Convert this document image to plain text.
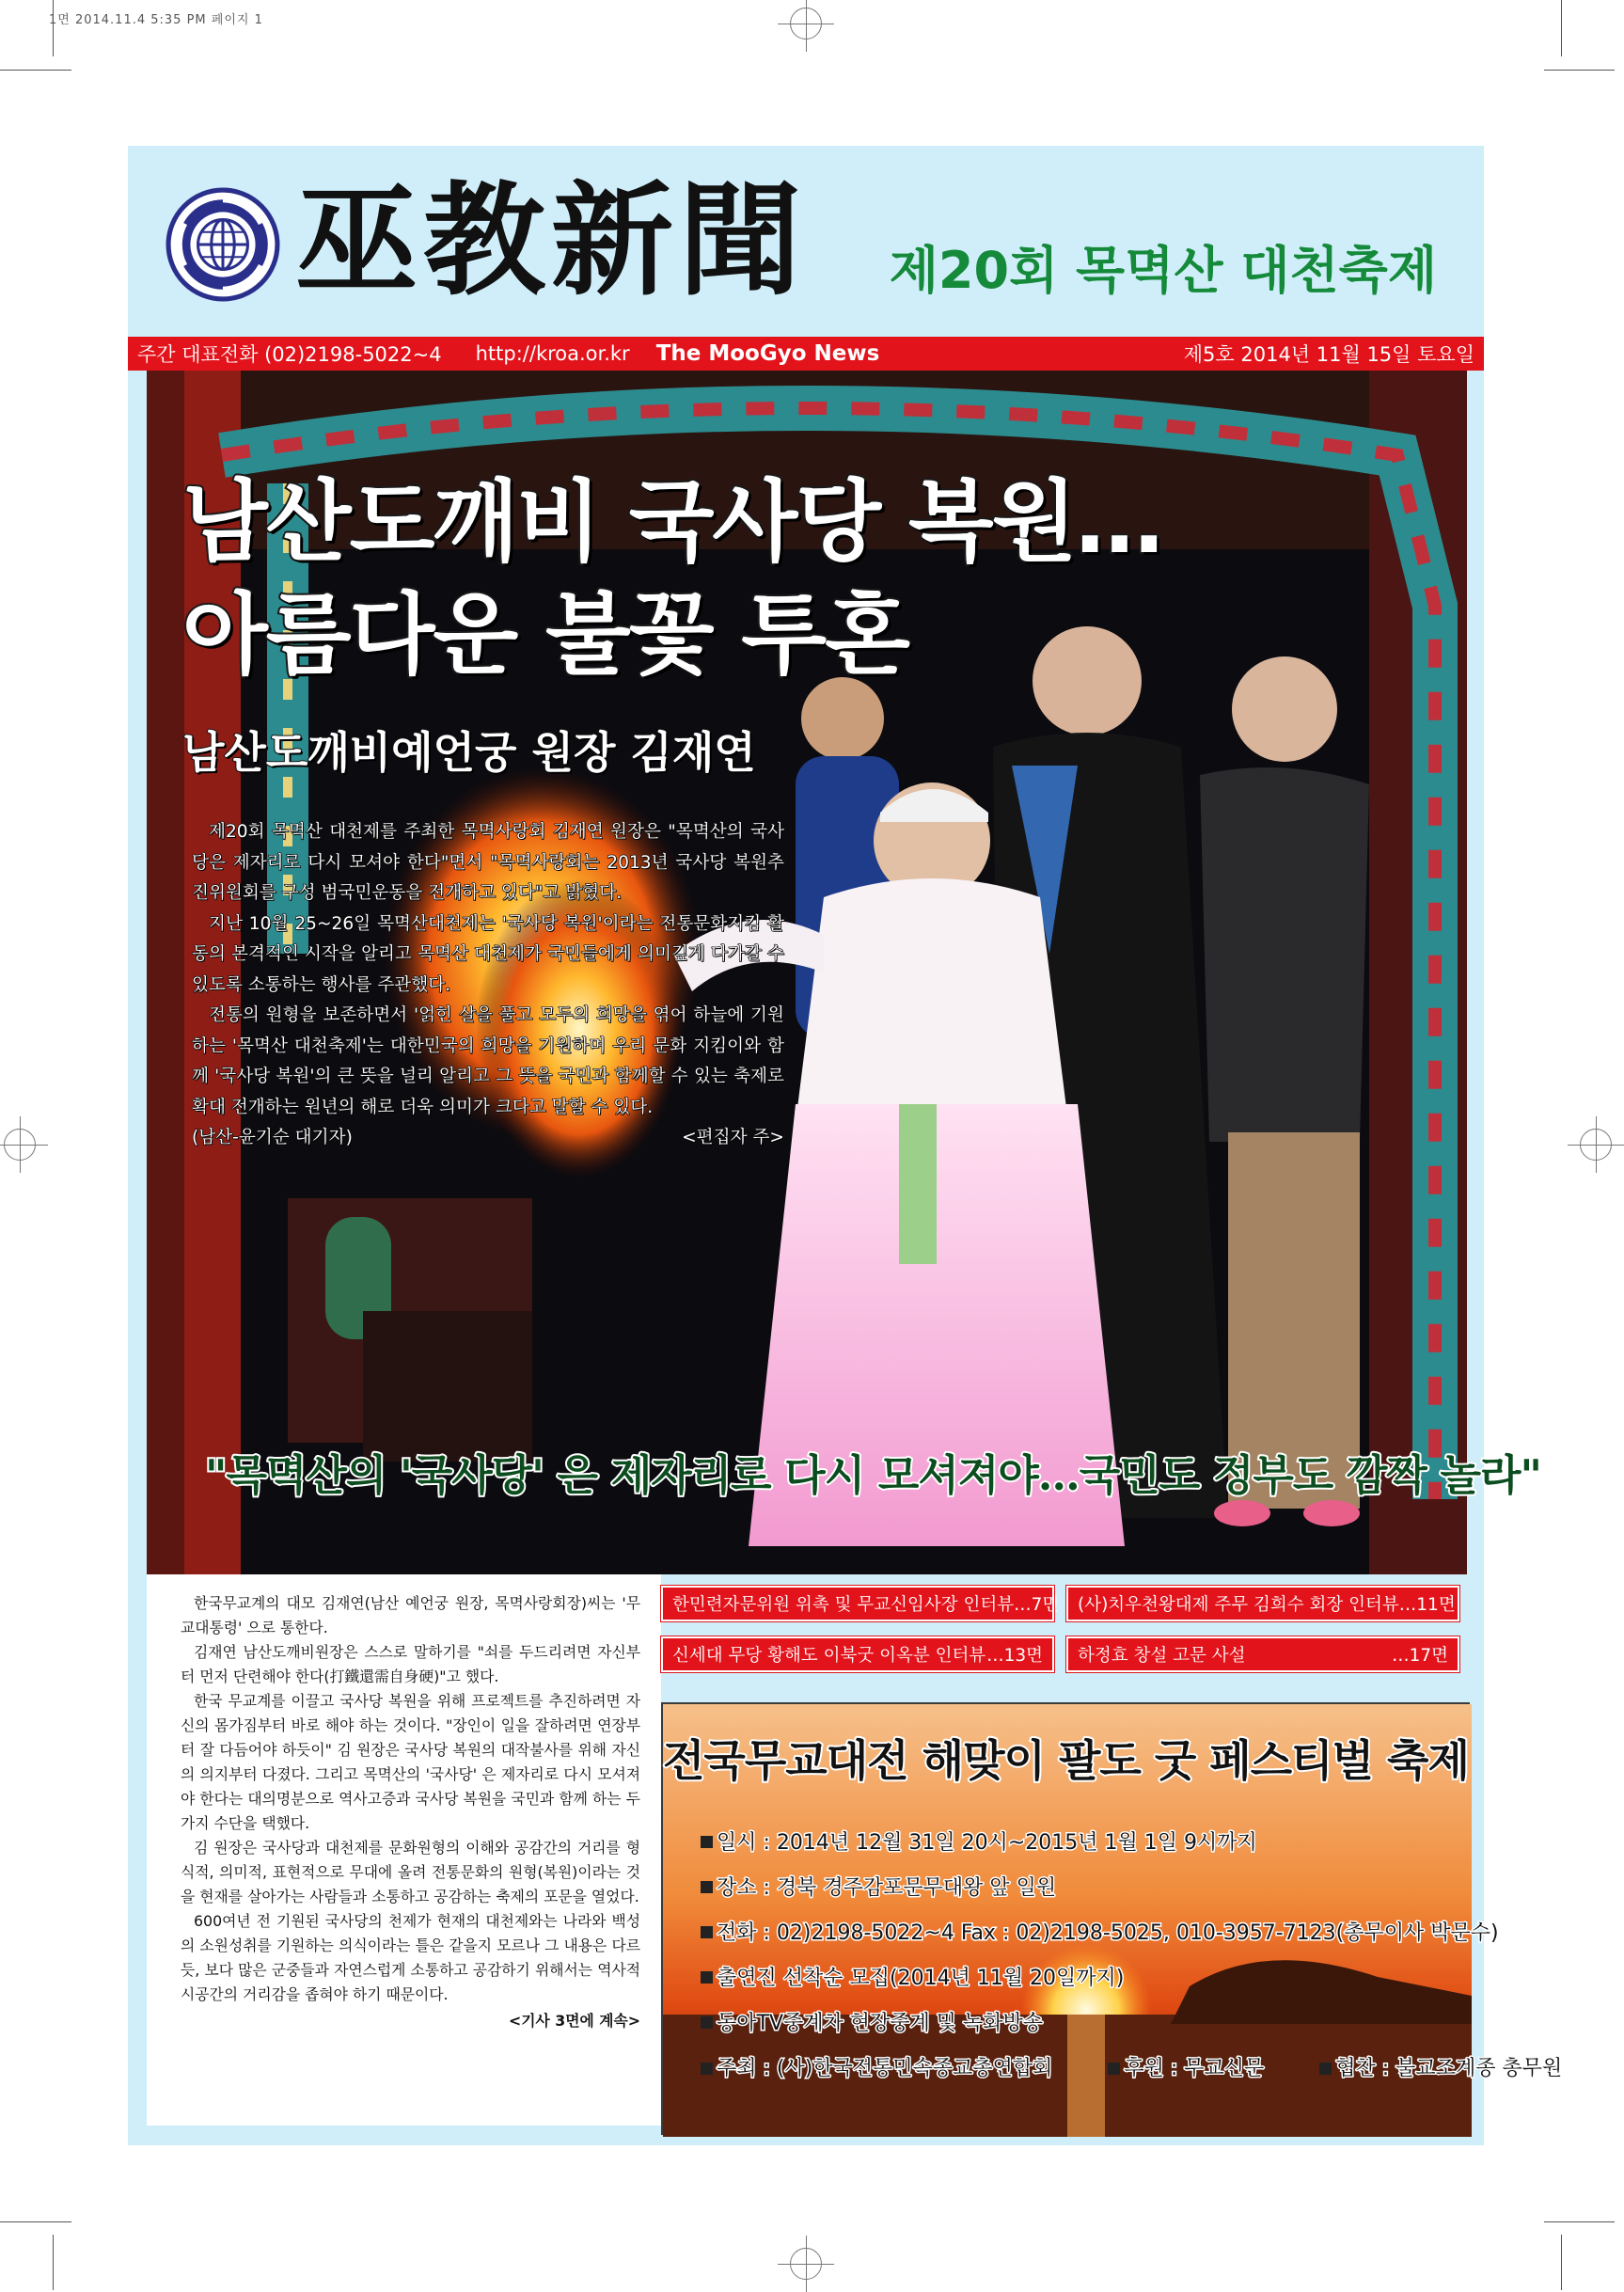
1면 2014.11.4 5:35 PM 페이지 1
巫教新聞 제20회 목멱산 대천축제
주간 대표전화 (02)2198-5022~4 http://kroa.or.kr The MooGyo News	제5호 2014년 11월 15일 토요일
남산도깨비 국사당 복원…
아름다운 불꽃 투혼
남산도깨비예언궁 원장 김재연

제20회 목멱산 대천제를 주최한 목멱사랑회 김재연 원장은 "목멱산의 국사당은 제자리로 다시 모셔야 한다"면서 "목멱사랑회는 2013년 국사당 복원추진위원회를 구성 범국민운동을 전개하고 있다"고 밝혔다.

지난 10월 25~26일 목멱산대천제는 '국사당 복원'이라는 전통문화지킴 활동의 본격적인 시작을 알리고 목멱산 대천제가 국민들에게 의미깊게 다가갈 수 있도록 소통하는 행사를 주관했다.

전통의 원형을 보존하면서 '얽힌 살을 풀고 모두의 희망을 엮어 하늘에 기원하는 '목멱산 대천축제'는 대한민국의 희망을 기원하며 우리 문화 지킴이와 함께 '국사당 복원'의 큰 뜻을 널리 알리고 그 뜻을 국민과 함께할 수 있는 축제로 확대 전개하는 원년의 해로 더욱 의미가 크다고 말할 수 있다.

(남산-윤기순 대기자)	<편집자 주>

"목멱산의 '국사당' 은 제자리로 다시 모셔져야…국민도 정부도 깜짝 놀라"

한국무교계의 대모 김재연(남산 예언궁 원장, 목멱사랑회장)씨는 '무교대통령' 으로 통한다.

김재연 남산도깨비원장은 스스로 말하기를 "쇠를 두드리려면 자신부터 먼저 단련해야 한다(打鐵還需自身硬)"고 했다.

한국 무교계를 이끌고 국사당 복원을 위해 프로젝트를 추진하려면 자신의 몸가짐부터 바로 해야 하는 것이다. "장인이 일을 잘하려면 연장부터 잘 다듬어야 하듯이" 김 원장은 국사당 복원의 대작불사를 위해 자신의 의지부터 다졌다. 그리고 목멱산의 '국사당' 은 제자리로 다시 모셔져야 한다는 대의명분으로 역사고증과 국사당 복원을 국민과 함께 하는 두 가지 수단을 택했다.

김 원장은 국사당과 대천제를 문화원형의 이해와 공감간의 거리를 형식적, 의미적, 표현적으로 무대에 올려 전통문화의 원형(복원)이라는 것을 현재를 살아가는 사람들과 소통하고 공감하는 축제의 포문을 열었다.

600여년 전 기원된 국사당의 천제가 현재의 대천제와는 나라와 백성의 소원성취를 기원하는 의식이라는 틀은 같을지 모르나 그 내용은 다르듯, 보다 많은 군중들과 자연스럽게 소통하고 공감하기 위해서는 역사적 시공간의 거리감을 좁혀야 하기 때문이다.

<기사 3면에 계속>
한민련자문위원 위촉 및 무교신임사장 인터뷰 …7면 (사)치우천왕대제 주무 김희수 회장 인터뷰 …11면
신세대 무당 황해도 이북굿 이옥분 인터뷰 …13면 하정효 창설 고문 사설	…17면
전국무교대전 해맞이 팔도 굿 페스티벌 축제
일시 : 2014년 12월 31일 20시~2015년 1월 1일 9시까지
장소 : 경북 경주감포문무대왕 앞 일원
전화 : 02)2198-5022~4 Fax : 02)2198-5025, 010-3957-7123(총무이사 박문수)
출연진 선착순 모집(2014년 11월 20일까지)
동아TV중계차 현장중계 및 녹화방송
주최 : (사)한국전통민속종교총연합회	후원 : 무교신문	협찬 : 불교조계종 총무원
